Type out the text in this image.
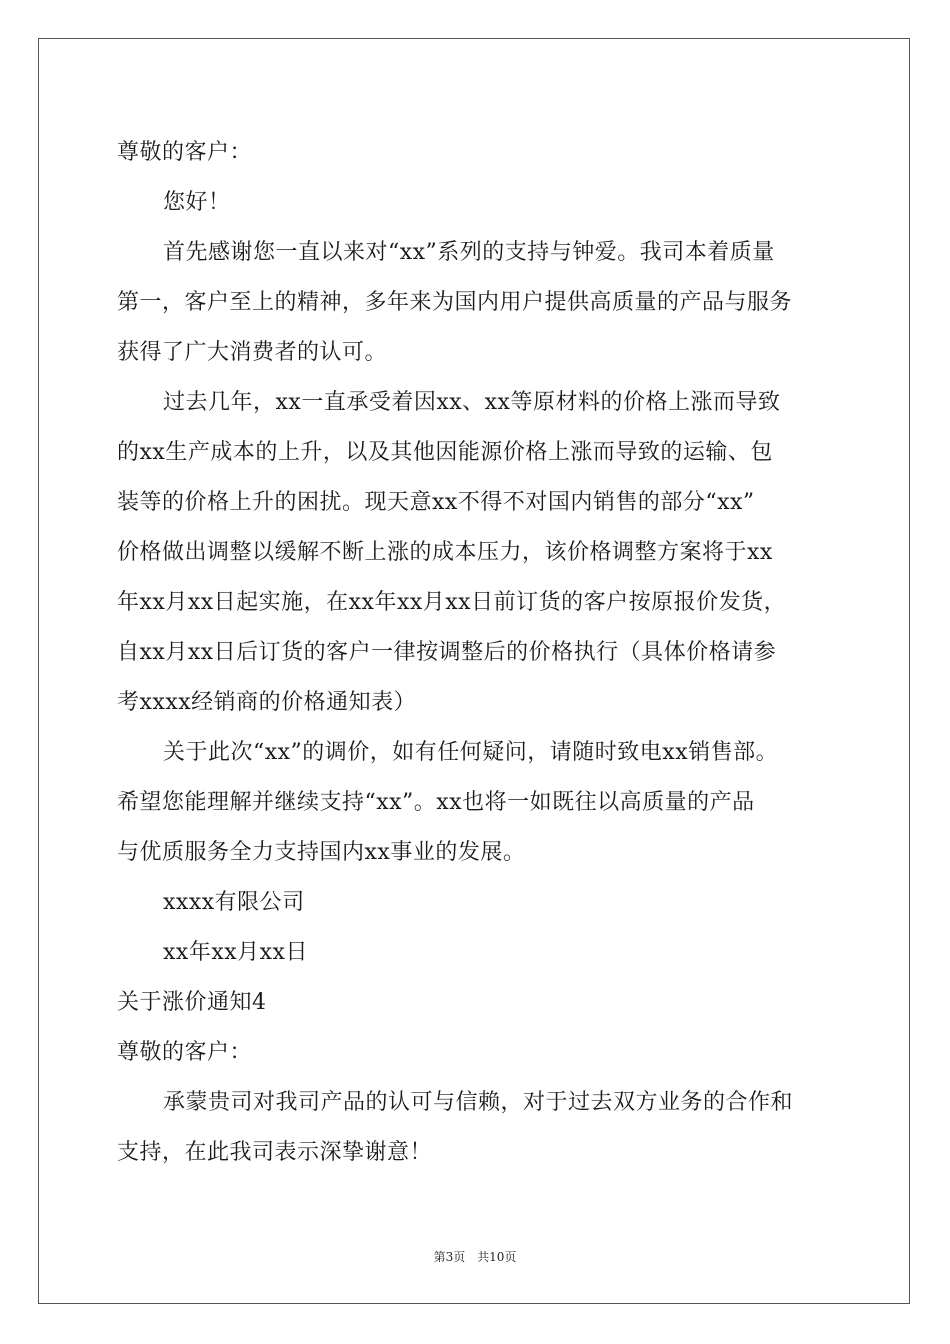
尊敬的客户：
您好！
首先感谢您一直以来对“xx”系列的支持与钟爱。我司本着质量
第一，客户至上的精神，多年来为国内用户提供高质量的产品与服务
获得了广大消费者的认可。
过去几年，xx一直承受着因xx、xx等原材料的价格上涨而导致
的xx生产成本的上升，以及其他因能源价格上涨而导致的运输、包
装等的价格上升的困扰。现天意xx不得不对国内销售的部分“xx”
价格做出调整以缓解不断上涨的成本压力，该价格调整方案将于xx
年xx月xx日起实施，在xx年xx月xx日前订货的客户按原报价发货，
自xx月xx日后订货的客户一律按调整后的价格执行（具体价格请参
考xxxx经销商的价格通知表）
关于此次“xx”的调价，如有任何疑问，请随时致电xx销售部。
希望您能理解并继续支持“xx”。xx也将一如既往以高质量的产品
与优质服务全力支持国内xx事业的发展。
xxxx有限公司
xx年xx月xx日
关于涨价通知4
尊敬的客户：
承蒙贵司对我司产品的认可与信赖，对于过去双方业务的合作和
支持，在此我司表示深挚谢意！
第3页 共10页
